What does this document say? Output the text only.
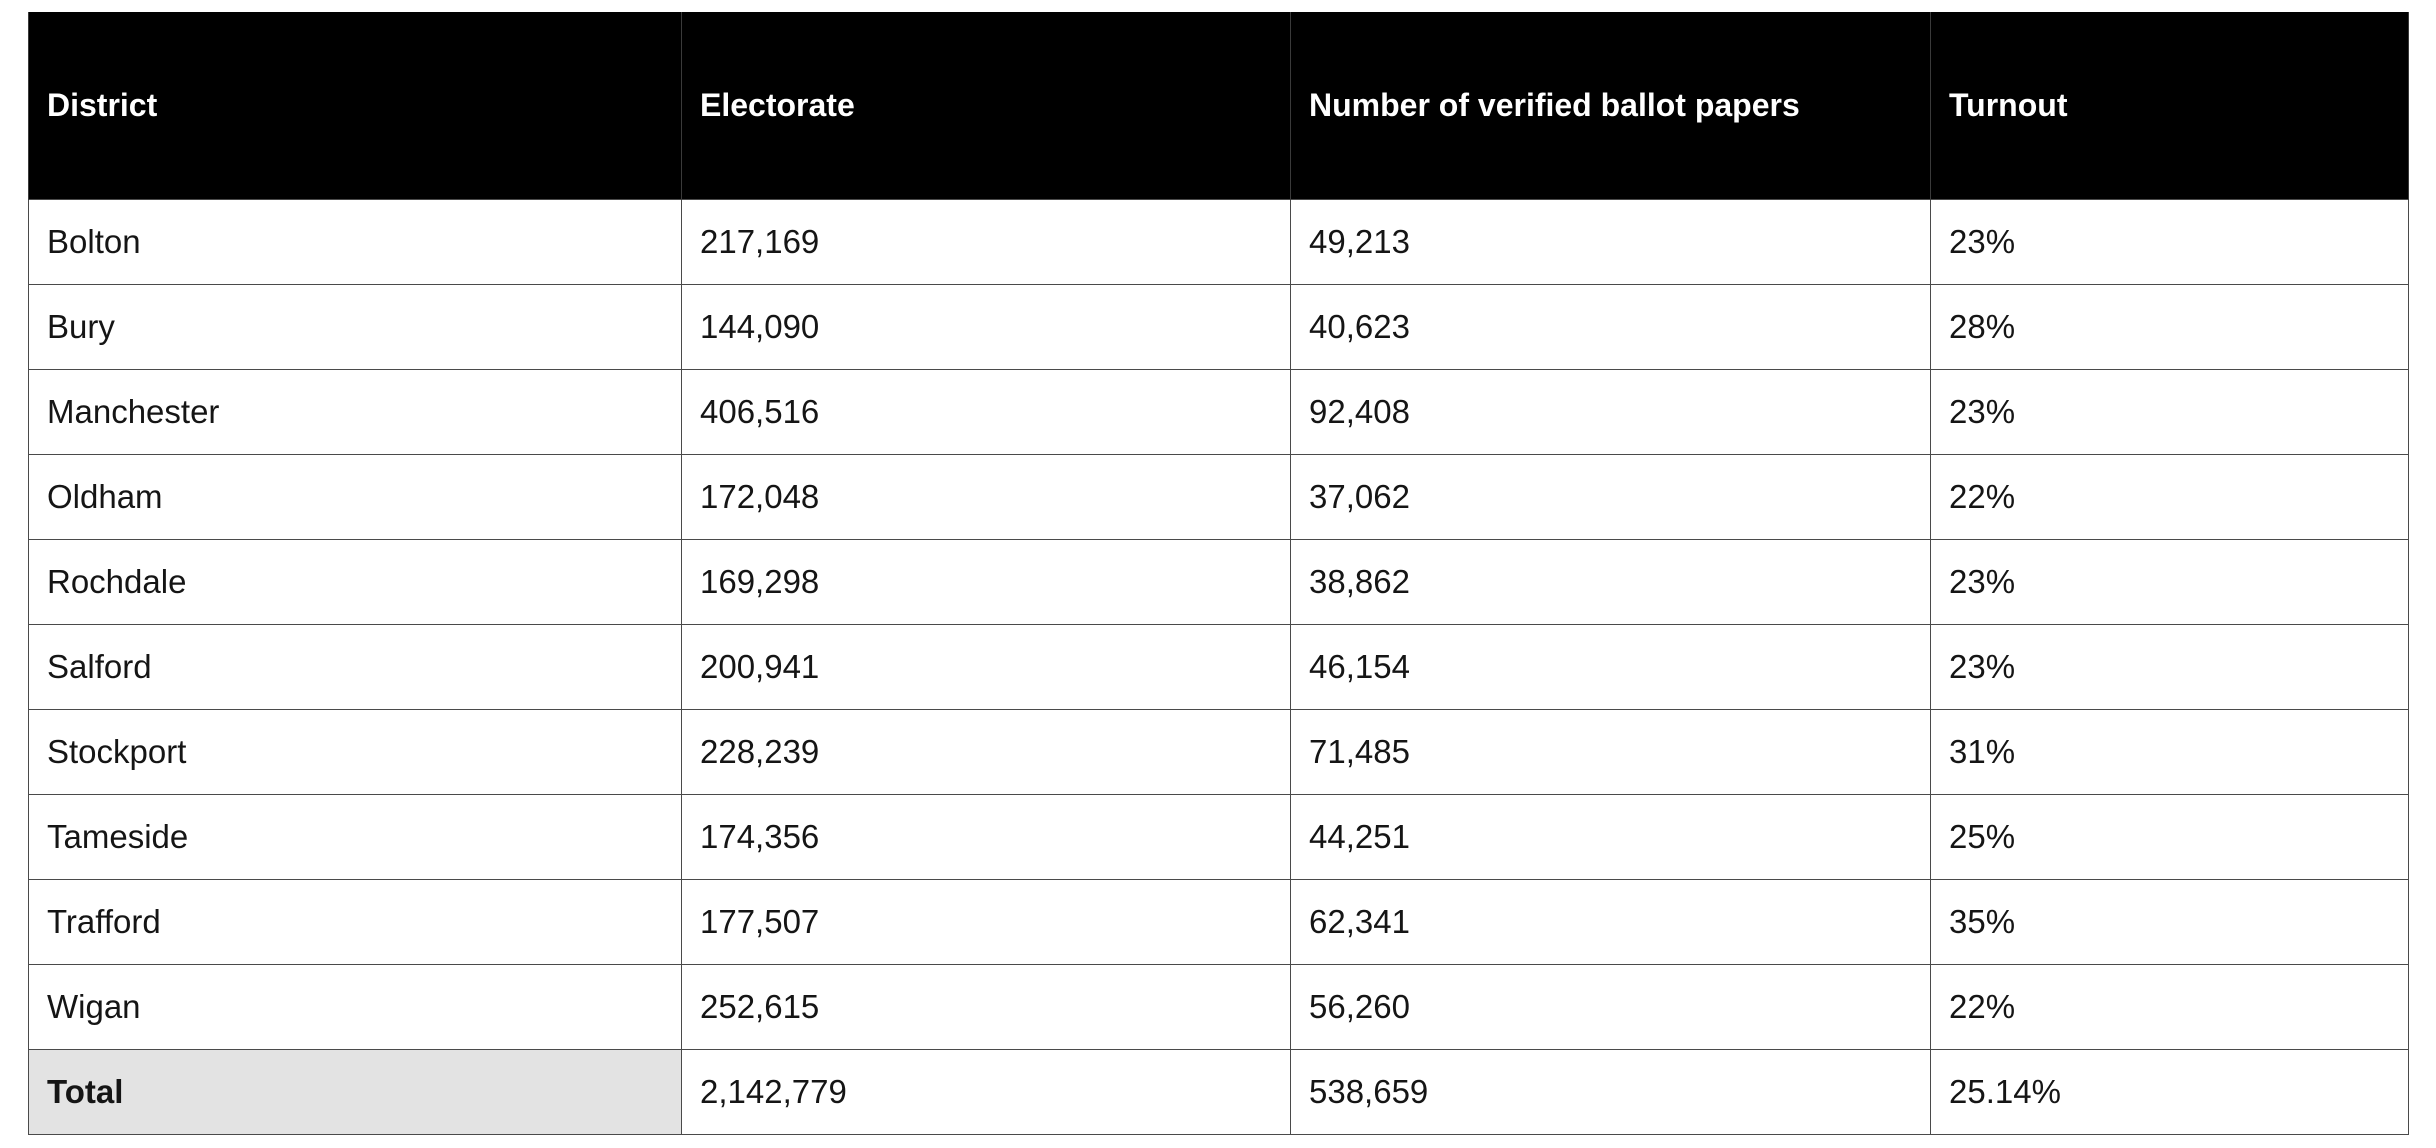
District	Electorate	Number of verified ballot papers	Turnout
Bolton	217,169	49,213	23%
Bury	144,090	40,623	28%
Manchester	406,516	92,408	23%
Oldham	172,048	37,062	22%
Rochdale	169,298	38,862	23%
Salford	200,941	46,154	23%
Stockport	228,239	71,485	31%
Tameside	174,356	44,251	25%
Trafford	177,507	62,341	35%
Wigan	252,615	56,260	22%
Total	2,142,779	538,659	25.14%
